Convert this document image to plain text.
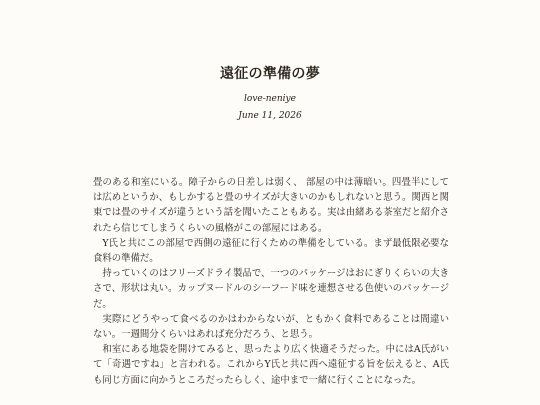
遠征の準備の夢
love-neniye
June 11, 2026

畳のある和室にいる。障子からの日差しは弱く、 部屋の中は薄暗い。四畳半にしては広めというか、もしかすると畳のサイズが大きいのかもしれないと思う。関西と関東では畳のサイズが違うという話を聞いたこともある。実は由緒ある茶室だと紹介されたら信じてしまうくらいの風格がこの部屋にはある。

Y氏と共にこの部屋で西側の遠征に行くための準備をしている。まず最低限必要な食料の準備だ。

持っていくのはフリーズドライ製品で、一つのパッケージはおにぎりくらいの大きさで、形状は丸い。カップヌードルのシーフード味を連想させる色使いのパッケージだ。

実際にどうやって食べるのかはわからないが、ともかく食料であることは間違いない。一週間分くらいはあれば充分だろう、と思う。

和室にある地袋を開けてみると、思ったより広く快適そうだった。中にはA氏がいて「奇遇ですね」と言われる。これからY氏と共に西へ遠征する旨を伝えると、A氏も同じ方面に向かうところだったらしく、途中まで一緒に行くことになった。
